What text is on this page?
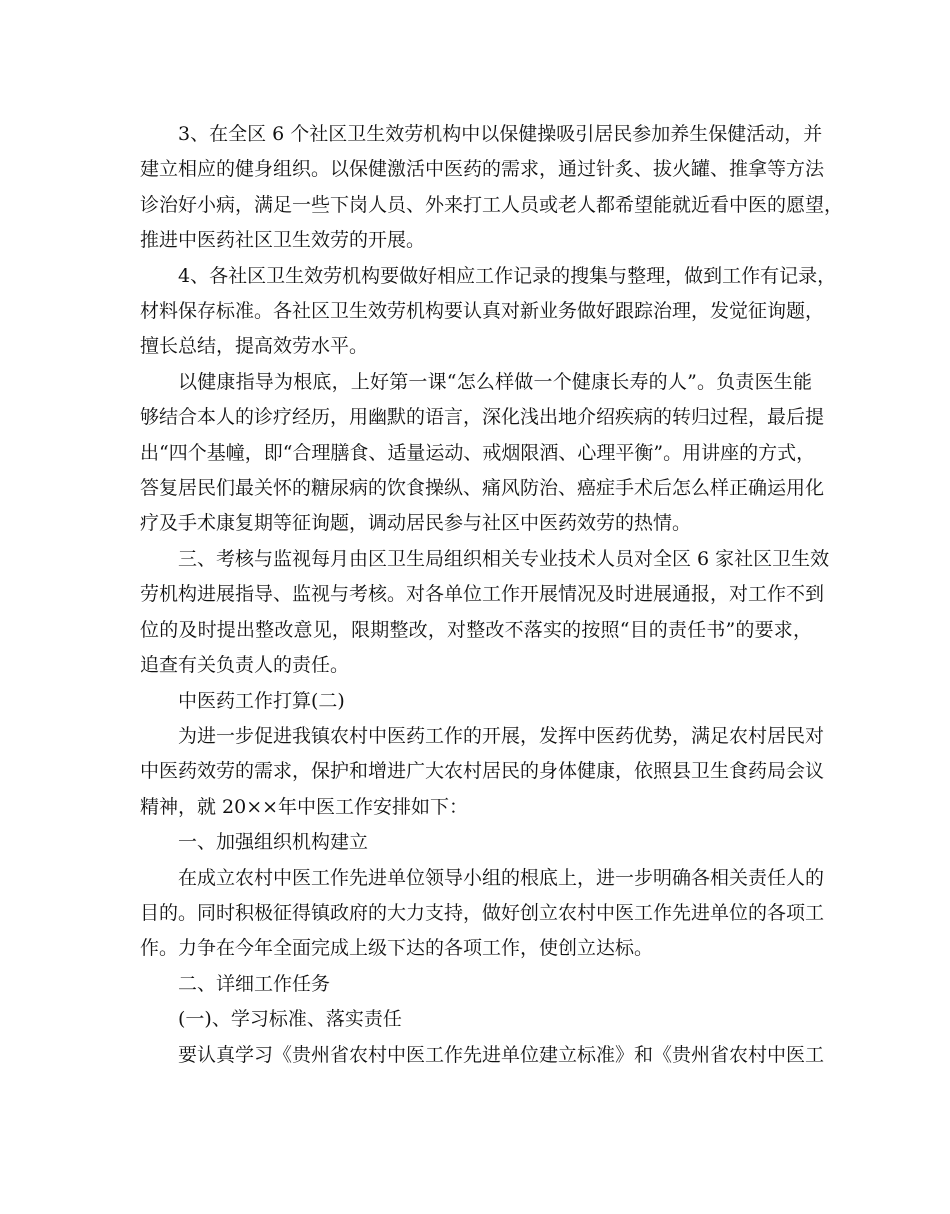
3、在全区 6 个社区卫生效劳机构中以保健操吸引居民参加养生保健活动，并
建立相应的健身组织。以保健激活中医药的需求，通过针炙、拔火罐、推拿等方法
诊治好小病，满足一些下岗人员、外来打工人员或老人都希望能就近看中医的愿望，
推进中医药社区卫生效劳的开展。

4、各社区卫生效劳机构要做好相应工作记录的搜集与整理，做到工作有记录，
材料保存标准。各社区卫生效劳机构要认真对新业务做好跟踪治理，发觉征询题，
擅长总结，提高效劳水平。

以健康指导为根底，上好第一课“怎么样做一个健康长寿的人”。负责医生能
够结合本人的诊疗经历，用幽默的语言，深化浅出地介绍疾病的转归过程，最后提
出“四个基幢，即“合理膳食、适量运动、戒烟限酒、心理平衡”。用讲座的方式，
答复居民们最关怀的糖尿病的饮食操纵、痛风防治、癌症手术后怎么样正确运用化
疗及手术康复期等征询题，调动居民参与社区中医药效劳的热情。

三、考核与监视每月由区卫生局组织相关专业技术人员对全区 6 家社区卫生效
劳机构进展指导、监视与考核。对各单位工作开展情况及时进展通报，对工作不到
位的及时提出整改意见，限期整改，对整改不落实的按照“目的责任书”的要求，
追查有关负责人的责任。

中医药工作打算(二)

为进一步促进我镇农村中医药工作的开展，发挥中医药优势，满足农村居民对
中医药效劳的需求，保护和增进广大农村居民的身体健康，依照县卫生食药局会议
精神，就 20××年中医工作安排如下：

一、加强组织机构建立

在成立农村中医工作先进单位领导小组的根底上，进一步明确各相关责任人的
目的。同时积极征得镇政府的大力支持，做好创立农村中医工作先进单位的各项工
作。力争在今年全面完成上级下达的各项工作，使创立达标。

二、详细工作任务

(一)、学习标准、落实责任

要认真学习《贵州省农村中医工作先进单位建立标准》和《贵州省农村中医工
